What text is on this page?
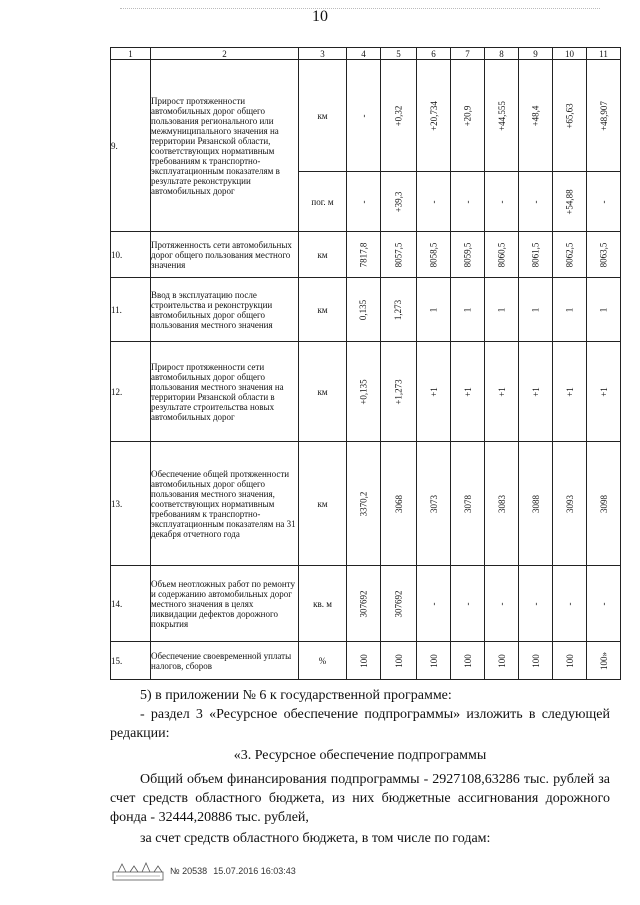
10
1	2	3	4	5	6	7	8	9	10	11
9.	Прирост протяженности автомобильных дорог общего пользования регионального или межмуниципального значения на территории Рязанской области, соответствующих нормативным требованиям к транспортно-эксплуатационным показателям в результате реконструкции автомобильных дорог	км	-	+0,32	+20,734	+20,9	+44,555	+48,4	+65,63	+48,907
		пог. м	-	+39,3	-	-	-	-	+54,88	-
10.	Протяженность сети автомобильных дорог общего пользования местного значения	км	7817,8	8057,5	8058,5	8059,5	8060,5	8061,5	8062,5	8063,5
11.	Ввод в эксплуатацию после строительства и реконструкции автомобильных дорог общего пользования местного значения	км	0,135	1,273	1	1	1	1	1	1
12.	Прирост протяженности сети автомобильных дорог общего пользования местного значения на территории Рязанской области в результате строительства новых автомобильных дорог	км	+0,135	+1,273	+1	+1	+1	+1	+1	+1
13.	Обеспечение общей протяженности автомобильных дорог общего пользования местного значения, соответствующих нормативным требованиям к транспортно-эксплуатационным показателям на 31 декабря отчетного года	км	3370,2	3068	3073	3078	3083	3088	3093	3098
14.	Объем неотложных работ по ремонту и содержанию автомобильных дорог местного значения в целях ликвидации дефектов дорожного покрытия	кв. м	307692	307692	-	-	-	-	-	-
15.	Обеспечение своевременной уплаты налогов, сборов	%	100	100	100	100	100	100	100	100»
5) в приложении № 6 к государственной программе:
- раздел 3 «Ресурсное обеспечение подпрограммы» изложить в следующей редакции:
«3. Ресурсное обеспечение подпрограммы
Общий объем финансирования подпрограммы - 2927108,63286 тыс. рублей за счет средств областного бюджета, из них бюджетные ассигнования дорожного фонда - 32444,20886 тыс. рублей,
за счет средств областного бюджета, в том числе по годам:
№ 20538 15.07.2016 16:03:43
